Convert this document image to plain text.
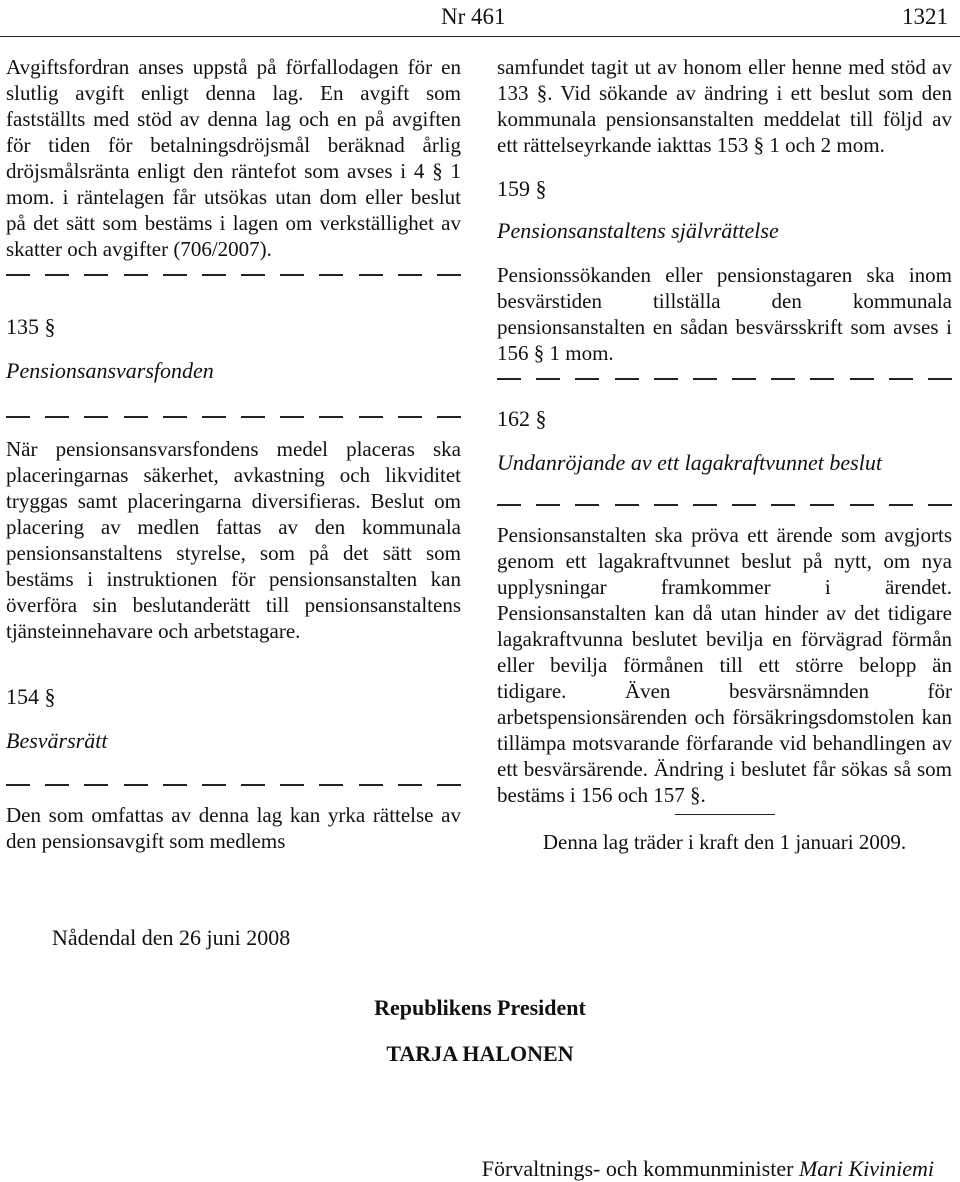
Nr 461	1321

Avgiftsfordran anses uppstå på förfallodagen för en slutlig avgift enligt denna lag. En avgift som fastställts med stöd av denna lag och en på avgiften för tiden för betalningsdröjsmål beräknad årlig dröjsmålsränta enligt den räntefot som avses i 4 § 1 mom. i räntelagen får utsökas utan dom eller beslut på det sätt som bestäms i lagen om verkställighet av skatter och avgifter (706/2007).

135 §

Pensionsansvarsfonden

När pensionsansvarsfondens medel placeras ska placeringarnas säkerhet, avkastning och likviditet tryggas samt placeringarna diversifieras. Beslut om placering av medlen fattas av den kommunala pensionsanstaltens styrelse, som på det sätt som bestäms i instruktionen för pensionsanstalten kan överföra sin beslutanderätt till pensionsanstaltens tjänsteinnehavare och arbetstagare.

154 §

Besvärsrätt

Den som omfattas av denna lag kan yrka rättelse av den pensionsavgift som medlems

samfundet tagit ut av honom eller henne med stöd av 133 §. Vid sökande av ändring i ett beslut som den kommunala pensionsanstalten meddelat till följd av ett rättelseyrkande iakttas 153 § 1 och 2 mom.

159 §

Pensionsanstaltens självrättelse

Pensionssökanden eller pensionstagaren ska inom besvärstiden tillställa den kommunala pensionsanstalten en sådan besvärsskrift som avses i 156 § 1 mom.

162 §

Undanröjande av ett lagakraftvunnet beslut

Pensionsanstalten ska pröva ett ärende som avgjorts genom ett lagakraftvunnet beslut på nytt, om nya upplysningar framkommer i ärendet. Pensionsanstalten kan då utan hinder av det tidigare lagakraftvunna beslutet bevilja en förvägrad förmån eller bevilja förmånen till ett större belopp än tidigare. Även besvärsnämnden för arbetspensionsärenden och försäkringsdomstolen kan tillämpa motsvarande förfarande vid behandlingen av ett besvärsärende. Ändring i beslutet får sökas så som bestäms i 156 och 157 §.

Denna lag träder i kraft den 1 januari 2009.

Nådendal den 26 juni 2008
Republikens President
TARJA HALONEN
Förvaltnings- och kommunminister Mari Kiviniemi
